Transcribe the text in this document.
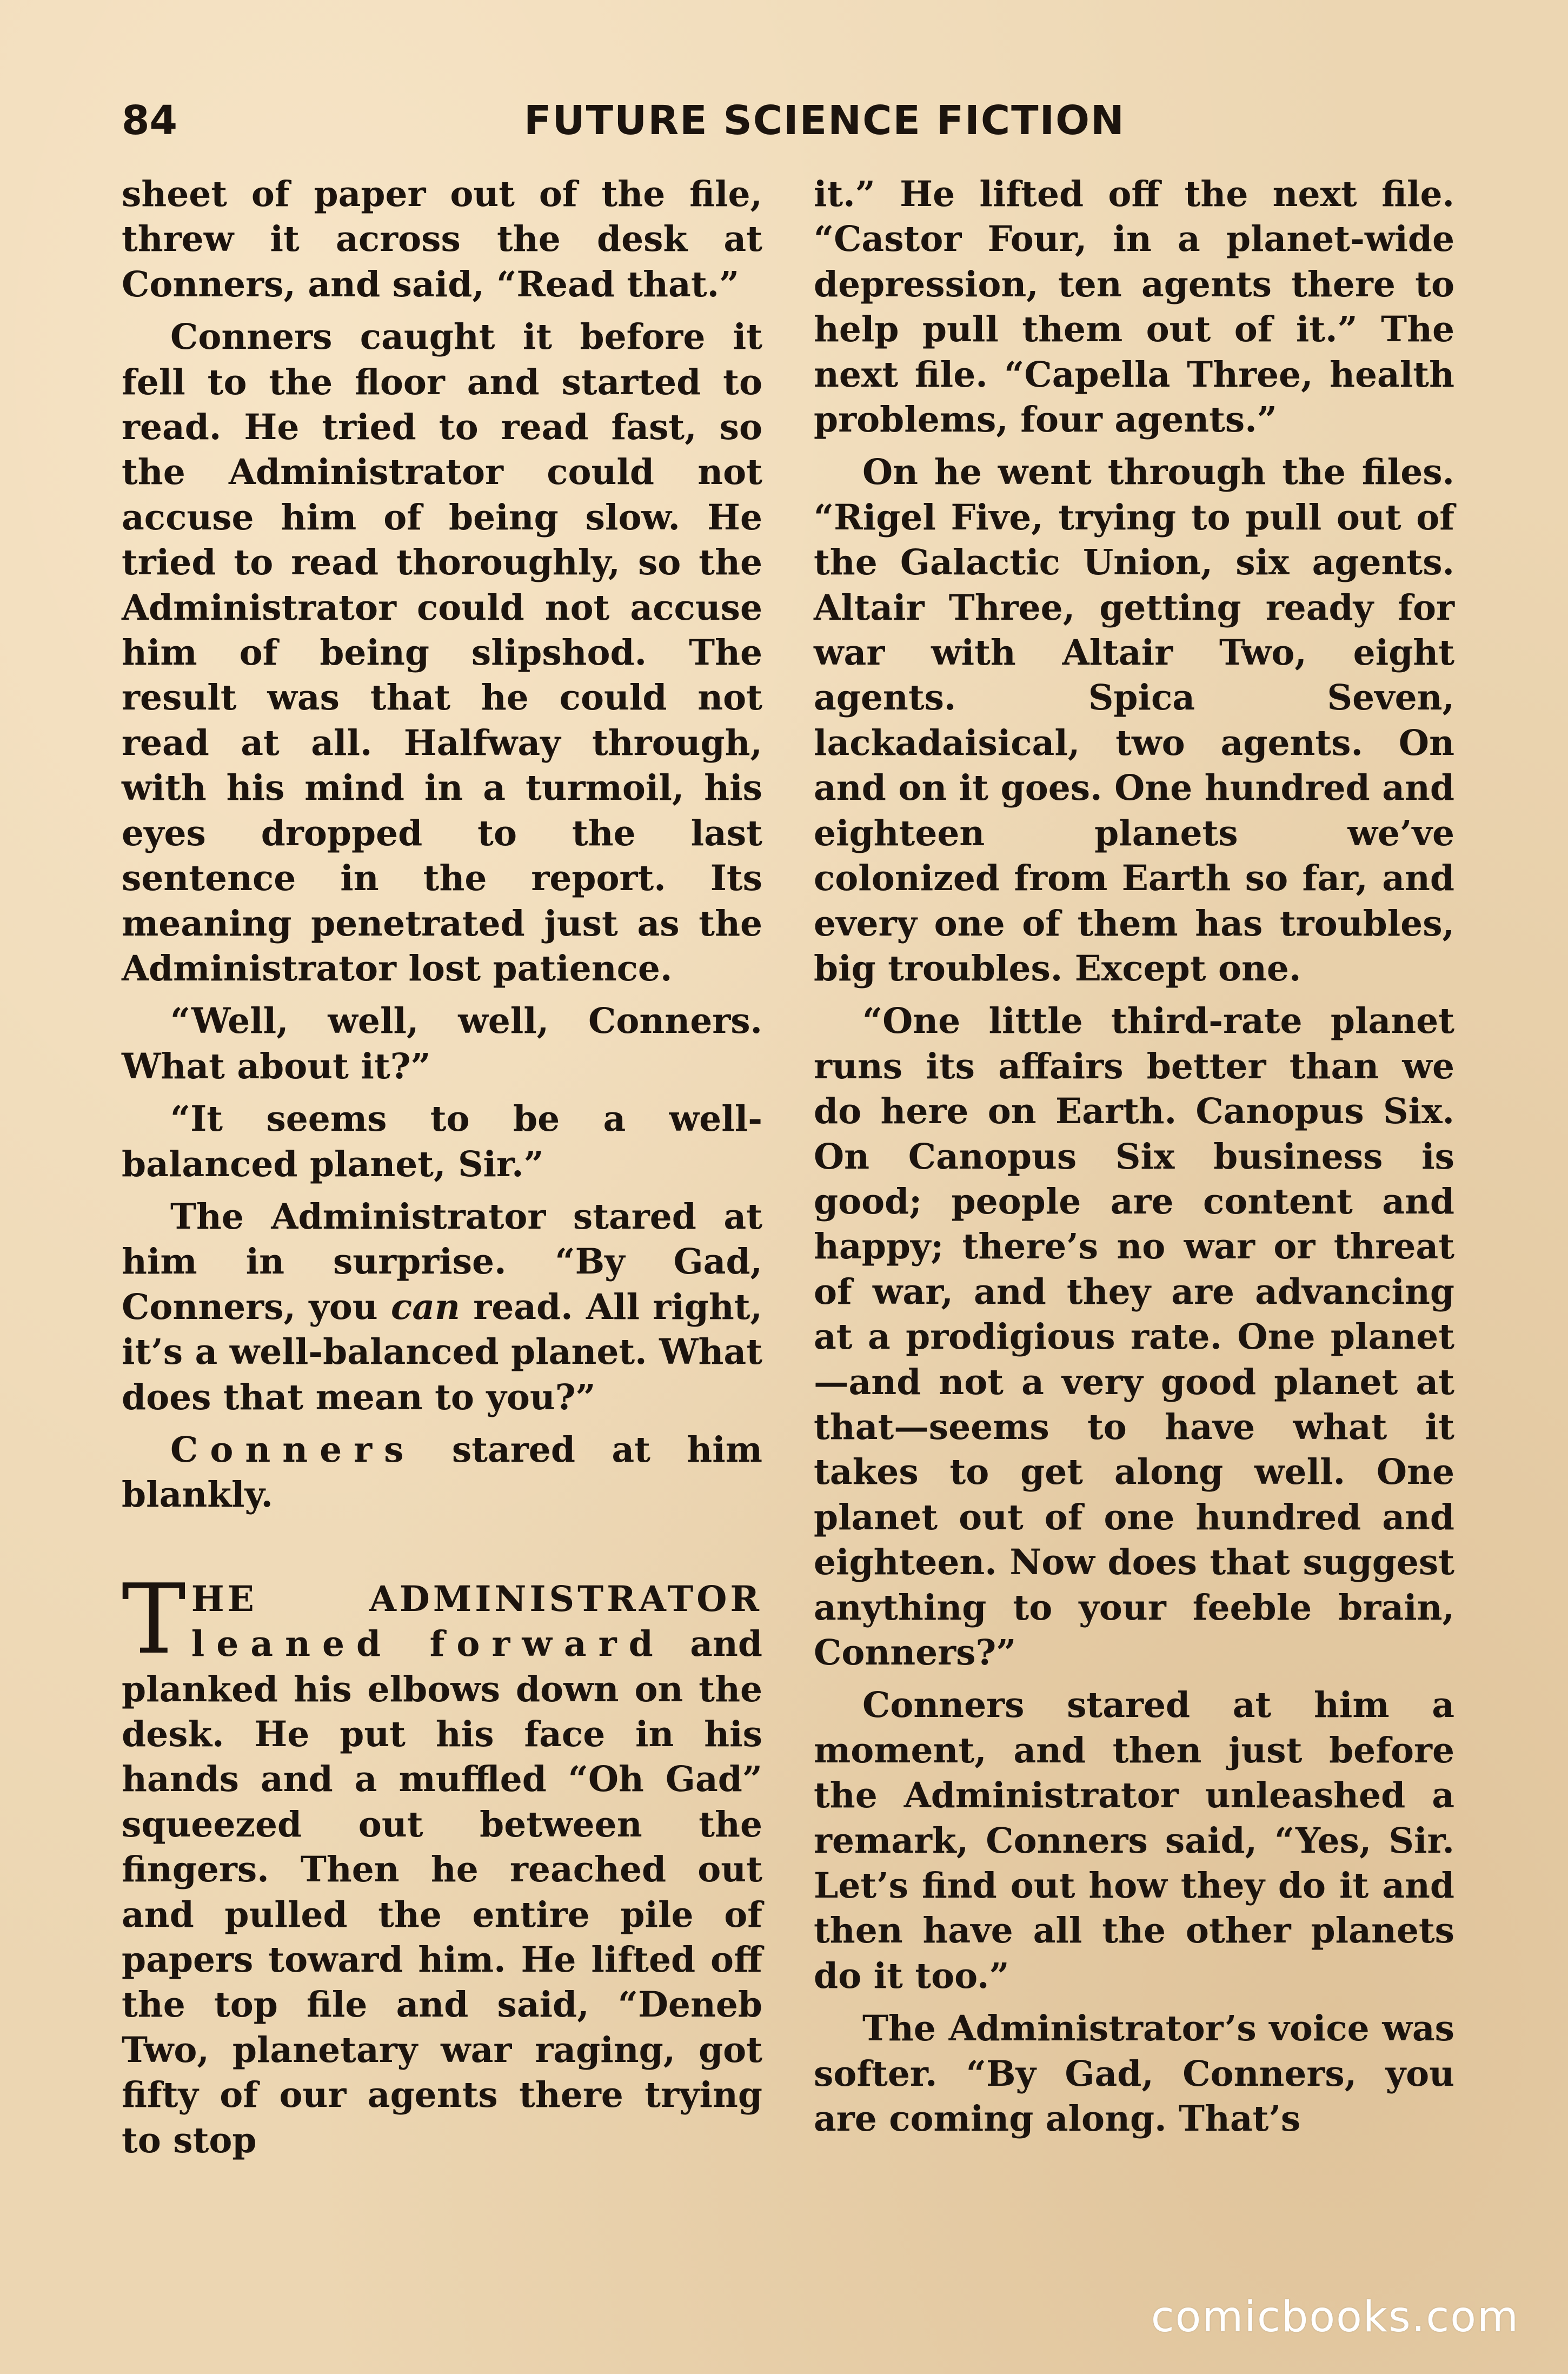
84	FUTURE SCIENCE FICTION

sheet of paper out of the file, threw it across the desk at Conners, and said, “Read that.”

Conners caught it before it fell to the floor and started to read. He tried to read fast, so the Administrator could not accuse him of being slow. He tried to read thoroughly, so the Administrator could not accuse him of being slipshod. The result was that he could not read at all. Halfway through, with his mind in a turmoil, his eyes dropped to the last sentence in the report. Its meaning penetrated just as the Administrator lost patience.

“Well, well, well, Conners. What about it?”

“It seems to be a well-balanced planet, Sir.”

The Administrator stared at him in surprise. “By Gad, Conners, you can read. All right, it’s a well-balanced planet. What does that mean to you?”

Conners stared at him blankly.

THE ADMINISTRATOR leaned forward and planked his elbows down on the desk. He put his face in his hands and a muffled “Oh Gad” squeezed out between the fingers. Then he reached out and pulled the entire pile of papers toward him. He lifted off the top file and said, “Deneb Two, planetary war raging, got fifty of our agents there trying to stop

it.” He lifted off the next file. “Castor Four, in a planet-wide depression, ten agents there to help pull them out of it.” The next file. “Capella Three, health problems, four agents.”

On he went through the files. “Rigel Five, trying to pull out of the Galactic Union, six agents. Altair Three, getting ready for war with Altair Two, eight agents. Spica Seven, lackadaisical, two agents. On and on it goes. One hundred and eighteen planets we’ve colonized from Earth so far, and every one of them has troubles, big troubles. Except one.

“One little third-rate planet runs its affairs better than we do here on Earth. Canopus Six. On Canopus Six business is good; people are content and happy; there’s no war or threat of war, and they are advancing at a prodigious rate. One planet—and not a very good planet at that—seems to have what it takes to get along well. One planet out of one hundred and eighteen. Now does that suggest anything to your feeble brain, Conners?”

Conners stared at him a moment, and then just before the Administrator unleashed a remark, Conners said, “Yes, Sir. Let’s find out how they do it and then have all the other planets do it too.”

The Administrator’s voice was softer. “By Gad, Conners, you are coming along. That’s

comicbooks.com
